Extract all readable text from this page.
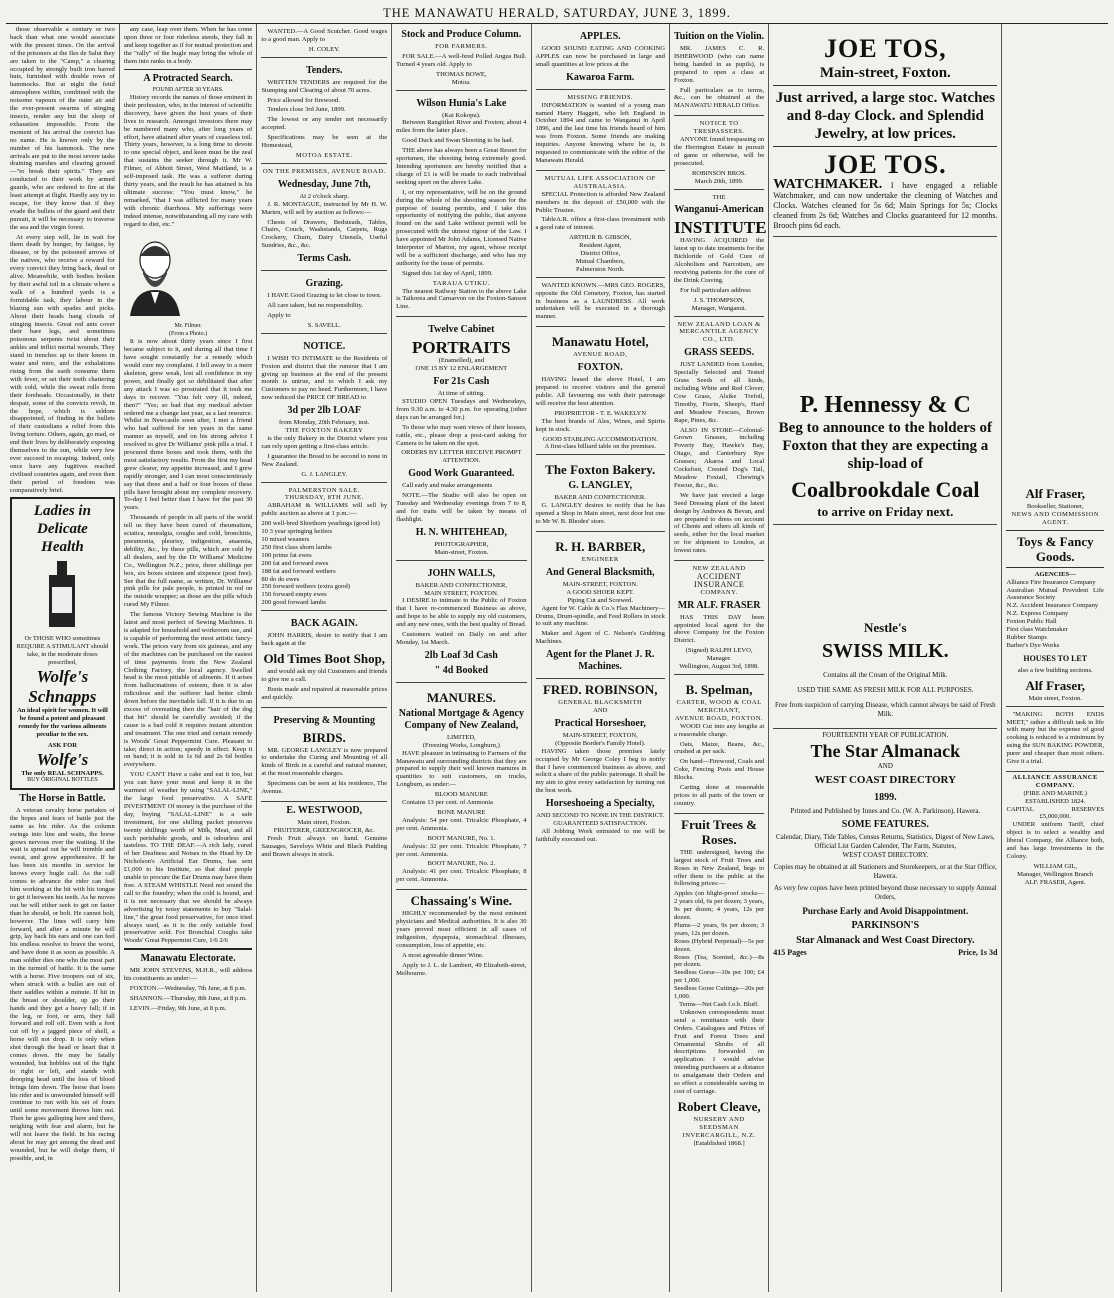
THE MANAWATU HERALD, SATURDAY, JUNE 3, 1899.

those observable a century or two back than what one would associate with the present times. On the arrival of the prisoners at the Iles de Salut they are taken to the "Camp," a clearing occupied by strongly built iron barred huts, furnished with double rows of hammocks. But at night the fetid atmosphere within, combined with the noisome vapours of the outer air and the ever-present swarms of stinging insects, render any but the sleep of exhaustion impossible. From the moment of his arrival the convict has no name. He is known only by the number of his hammock. The new arrivals are put to the most severe tasks draining marshes and clearing ground—"to break their spirits." They are conducted to their work by armed guards, who are ordered to fire at the least attempt at flight. Hardly any try to escape, for they know that if they evade the bullets of the guard and their pursuit, it will be necessary to traverse the sea and the virgin forest.

At every step will, lie in wait for them death by hunger, by fatigue, by disease, or by the poisoned arrows of the natives, who receive a reward for every convict they bring back, dead or alive. Meanwhile, with bodies broken by their awful toil in a climate where a walk of a hundred yards is a formidable task, they labour in the blazing sun with spades and picks. About their heads hang clouds of stinging insects. Great red ants cover their bare legs, and sometimes poisonous serpents twist about their ankles and inflict mortal wounds. They stand in trenches up to their knees in water and mire, and the exhalations rising from the earth consume them with fever, or set their teeth chattering with cold, while the sweat rolls from their foreheads. Occasionally, in their despair, some of the convicts revolt, in the hope, which is seldom disappointed, of finding in the bullets of their custodians a relief from this living torture. Others, again, go mad, or end their lives by deliberately exposing themselves to the sun, while very few ever succeed in escaping. Indeed, only once have any fugitives reached civilised countries again, and even then their period of freedom was comparatively brief.

Ladies in
Delicate Health
Or THOSE WHO sometimes REQUIRE A STIMULANT should take, in the moderate doses prescribed,
Wolfe's
Schnapps
An ideal spirit for women. It will be found a potent and pleasant remedy for the various ailments peculiar to the sex.
ASK FOR
Wolfe's
The only REAL SCHNAPPS.
BUY ORIGINAL BOTTLES
The Horse in Battle.

A veteran cavalry horse partakes of the hopes and fears of battle just the same as his rider. As the column swings into line and waits, the horse grows nervous over the waiting. If the wait is spread out he will tremble and sweat, and grow apprehensive. If he has been six months in service he knows every bugle call. As the call comes to advance the rider can feel him working at the bit with his tongue to get it between his teeth. As he moves out he will either seek to get on faster than he should, or bolt. He cannot bolt, however. The lines will carry him forward, and after a minute he will grip, lay back his ears and one can feel his endless resolve to brave the worst, and have done it as soon as possible. A man soldier dies one who the most part in the turmoil of battle. It is the same with a horse. Five troopers out of six, when struck with a bullet are out of their saddles within a minute. If hit in the breast or shoulder, up go their hands and they get a heavy fall; if in the leg, or foot, or arm, they fall forward and roll off. Even with a foot cut off by a jagged piece of shell, a horse will not drop. It is only when shot through the head or heart that it comes down. He may be fatally wounded, but hobbles out of the fight to right or left, and stands with drooping head until the loss of blood brings him down. The horse that loses his rider and is unwounded himself will continue to run with his set of fours until some movement throws him out. Then he goes galloping here and there, neighing with fear and alarm, but he will not leave the field. In his racing about he may get among the dead and wounded, but he will dodge them, if possible, and, in

any case, leap over them. When he has come upon three or four riderless steeds, they fall in and keep together as if for mutual protection and the "rally" of the bugle may bring the whole of them into ranks in a body.

A Protracted Search.
FOUND AFTER 30 YEARS.

History records the names of those eminent in their profession, who, in the interest of scientific discovery, have given the best years of their lives to research. Amongst investors there may be numbered many who, after long years of effort, have attained after years of ceaseless toil. Thirty years, however, is a long time to devote to one special object, and keen must be the zeal that sustains the seeker through it. Mr W. Filmer, of Abbott Street, West Maitland, is a self-imposed task. He was a sufferer during thirty years, and the result he has attained is his ultimate success: "You must know," he remarked, "that I was afflicted for many years with chronic diarrhoea. My sufferings were indeed intense, notwithstanding all my care with regard to diet, etc."

Mr. Filmer.
(From a Photo.)

It is now about thirty years since I first became subject to it, and during all that time I have sought constantly for a remedy which would cure my complaint. I fell away to a mere skeleton, grew weak, lost all confidence in my power, and finally got so debilitated that after any attack I was so prostrated that it took me days to recover. "You felt very ill, indeed, then?" "Yes; so bad that my medical adviser ordered me a change last year, as a last resource. Whilst in Newcastle soon after, I met a friend who had suffered for ten years in the same manner as myself, and on his strong advice I resolved to give Dr Williams' pink pills a trial. I procured three boxes and took them, with the most satisfactory results. From the first my head grew clearer, my appetite increased, and I grew rapidly stronger, and I can most conscientiously say that three and a half or four boxes of these pills have brought about my complete recovery. To-day I feel better than I have for the past 30 years.

Thousands of people in all parts of the world tell us they have been cured of rheumatism, sciatica, neuralgia, coughs and cold, bronchitis, pneumonia, pleurisy, indigestion, anaemia, debility, &c., by these pills, which are sold by all dealers, and by the Dr Williams' Medicine Co., Wellington N.Z.; price, three shillings per box, six boxes sixteen and sixpence (post free). See that the full name, as written, Dr. Williams' pink pills for pale people, is printed in red on the outside wrapper; as those are the pills which cured My Filmer.

The famous Victory Sewing Machine is the latest and most perfect of Sewing Machines. It is adapted for household and workroom use, and is capable of performing the most artistic fancy-work. The prices vary from six guineas, and any of the machines can be purchased on the easiest of time payments from the New Zealand Clothing Factory, the local agency. Swelled head is the most pitiable of ailments. If it arises from hallucinations of esteem, then it is also ridiculous and the sufferer had better climb down before the inevitable fall. If it is due to an excess of overeating then the "hair of the dog that bit" should be carefully avoided; if the cause is a bad cold it requires instant attention and treatment. The one tried and certain remedy is Woods' Great Peppermint Cure. Pleasant to take; direct in action; speedy in effect. Keep it on hand; it is sold in 1s 6d and 2s 6d bottles everywhere.

YOU CAN'T Have a cake and eat it too, but you can have your meat and keep it in the warmest of weather by using "SALAL-LINE," the large food preservative. A SAFE INVESTMENT Of money is the purchase of the day, buying "SALAL-LINE" is a safe investment, for one shilling packet preserves twenty shillings worth of Milk, Meat, and all such perishable goods, and is odourless and tasteless. TO THE DEAF.—A rich lady, cured of her Deafness and Noises in the Head by Dr Nicholson's Artificial Ear Drums, has sent £1,000 to his Institute, so that deaf people unable to procure the Ear Drums may have them free. A STEAM WHISTLE Need not sound the call to the foundry; when the cold is bound, and it is not necessary that we should be always advertising by noisy statements to buy "Salal-line," the great food preservative, for once tried always used, as it is the only suitable food preservative sold. For Bronchial Coughs take Woods' Great Peppermint Cure, 1/6 2/6

Manawatu Electorate.

MR JOHN STEVENS, M.H.R., will address his constituents as under:—

FOXTON.—Wednesday, 7th June, at 8 p.m.

SHANNON.—Thursday, 8th June, at 8 p.m.

LEVIN.—Friday, 9th June, at 8 p.m.

WANTED.—A Good Scutcher. Good wages to a good man. Apply to

H. COLEY.
Tenders.

WRITTEN TENDERS are required for the Stumping and Clearing of about 70 acres.

Price allowed for firewood.

Tenders close 3rd June, 1899.

The lowest or any tender not necessarily accepted.

Specifications may be seen at the Homestead,

MOTOA ESTATE.
ON THE PREMISES, AVENUE ROAD.
Wednesday, June 7th,
At 2 o'clock sharp.

J. R. MONTAGUE, instructed by Mr H. W. Marten, will sell by auction as follows:—

Chests of Drawers, Bedsteads, Tables, Chairs, Couch, Washstands, Carpets, Rugs Crockery, Churn, Dairy Utensils, Useful Sundries, &c., &c.

Terms Cash.
Grazing.

I HAVE Good Grazing to let close to town.

All care taken, but no responsibility.

Apply to

S. SAVELL.
NOTICE.

I WISH TO INTIMATE to the Residents of Foxton and district that the rumour that I am giving up business at the end of the present month is untrue, and to which I ask my Customers to pay no heed. Furthermore, I have now reduced the PRICE OF BREAD to

3d per 2lb LOAF
from Monday, 20th February, inst.
THE FOXTON BAKERY

is the only Bakery in the District where you can rely upon getting a first-class article.

I guarantee the Bread to be second to none in New Zealand.

G. J. LANGLEY.
PALMERSTON SALE.
THURSDAY, 8TH JUNE.

ABRAHAM & WILLIAMS will sell by public auction as above at 1 p.m.:—

200 well-bred Shorthorn yearlings (good lot)
10 3 year springing heifers
10 mixed weaners
250 first class shorn lambs
100 prime fat ewes
200 fat and forward ewes
188 fat and forward wethers
80 do do ewes
250 forward wethers (extra good)
150 forward empty ewes
200 good forward lambs
BACK AGAIN.

JOHN HARRIS, desire to notify that I am back again at the

Old Times Boot Shop,

and would ask my old Customers and friends to give me a call.

Boots made and repaired at reasonable prices and quickly.

Preserving & Mounting
BIRDS.

MR. GEORGE LANGLEY is now prepared to undertake the Curing and Mounting of all kinds of Birds in a careful and natural manner, at the most reasonable charges.

Specimens can be seen at his residence, The Avenue.

E. WESTWOOD,
Main street, Foxton.
FRUITERER, GREENGROCER, &c.

Fresh Fruit always on hand. Genuine Sausages, Saveloys White and Black Pudding and Brawn always in stock.

Stock and Produce Column.
FOR FARMERS.

FOR SALE.—A well-bred Polled Angus Bull. Turned 4 years old. Apply to

THOMAS BOWE,
Motoa.
Wilson Hunia's Lake
(Kai Kokopu).

Between Rangitikei River and Foxton; about 4 miles from the latter place.

Good Duck and Swan Shooting to be had.

THE above has always been a Great Resort for sportsmen, the shooting being extremely good. Intending sportsmen are hereby notified that a charge of £1 is will be made to each individual seeking sport on the above Lake.

I, or my representative, will be on the ground during the whole of the shooting season for the purpose of issuing permits, and I take this opportunity of notifying the public, that anyone found on the said Lake without permit will be prosecuted with the utmost rigour of the Law. I have appointed Mr John Adams, Licensed Native Interpreter of Marton, my agent, whose receipt will be a sufficient discharge, and who has my authority for the issue of permits.

Signed this 1st day of April, 1899.

TARAUA UTIKU.

The nearest Railway Station to the above Lake is Taikorea and Carnarvon on the Foxton-Sanson Line.

Twelve Cabinet
PORTRAITS
(Enamelled), and
ONE 15 BY 12 ENLARGEMENT
For 21s Cash
At time of sitting.

STUDIO OPEN Tuesdays and Wednesdays, from 9.30 a.m. to 4.30 p.m. for operating (other days can be arranged for.)

To those who may want views of their houses, cattle, etc., please drop a post-card asking for Camera to be taken on the spot.

ORDERS BY LETTER RECEIVE PROMPT ATTENTION.
Good Work Guaranteed.

Call early and make arrangements

NOTE.—The Studio will also be open on Tuesday and Wednesday evenings from 7 to 8, and for traits will be taken by means of flashlight.

H. N. WHITEHEAD,
PHOTOGRAPHER,
Main-street, Foxton.
JOHN WALLS,
BAKER AND CONFECTIONER,
MAIN STREET, FOXTON.

I DESIRE to intimate to the Public of Foxton that I have re-commenced Business as above, and hope to be able to supply my old customers, and any new ones, with the best quality of Bread.

Customers waited on Daily on and after Monday, 1st March.

2lb Loaf 3d Cash
" 4d Booked
MANURES.
National Mortgage & Agency Company of New Zealand,
LIMITED,
(Freezing Works, Longburn,)

HAVE pleasure in intimating to Farmers of the Manawatu and surrounding districts that they are prepared to supply their well known manures in quantities to suit customers, on trucks, Longburn, as under:—

BLOOD MANURE

Contains 13 per cent. of Ammonia

BONE MANURE

Analysis: 54 per cent. Tricalcic Phosphate, 4 per cent. Ammonia.

BOOT MANURE, No. 1.

Analysis: 32 per cent. Tricalcic Phosphate, 7 per cent. Ammonia.

BOOT MANURE, No. 2.

Analysis: 41 per cent. Tricalcic Phosphate, 8 per cent. Ammonia.

Chassaing's Wine.

HIGHLY recommended by the most eminent physicians and Medical authorities. It is also 30 years proved most efficient in all cases of indigestion, dyspepsia, stomachical illnesses, consumption, loss of appetite, etc.

A most agreeable dinner Wine.

Apply to J. L. de Lambert, 49 Elizabeth-street, Melbourne.

APPLES.

GOOD SOUND EATING AND COOKING APPLES can now be purchased in large and small quantities at low prices at the

Kawaroa Farm.
MISSING FRIENDS.

INFORMATION is wanted of a young man named Harry Haggett, who left England in October 1894 and came to Wanganui in April 1896, and the last time his friends heard of him was from Foxton. Some friends are making inquiries. Anyone knowing where he is, is requested to communicate with the editor of the Manawatu Herald.

MUTUAL LIFE ASSOCIATION OF AUSTRALASIA.

SPECIAL Protection is afforded New Zealand members in the deposit of £50,000 with the Public Trustee.

TableA.R. offers a first-class investment with a good rate of interest.

ARTHUR B. GIBSON,
Resident Agent,
District Office,
Mutual Chambers,
Palmerston North.

WANTED KNOWN.—MRS GEO. ROGERS, opposite the Old Cemetery, Foxton, has started in business as a LAUNDRESS. All work undertaken will be executed in a thorough manner.

Manawatu Hotel,
AVENUE ROAD,
FOXTON.

HAVING leased the above Hotel, I am prepared to receive visitors and the general public. All favouring me with their patronage will receive the best attention.

PROPRIETOR - T. E. WAKELYN

The best brands of Ales, Wines, and Spirits kept in stock.

GOOD STABLING ACCOMMODATION.
A first-class billiard table on the premises.
The Foxton Bakery.
G. LANGLEY,
BAKER AND CONFECTIONER.

G. LANGLEY desires to notify that he has opened a Shop in Main street, next door but one to Mr W. B. Rhodes' store.

R. H. BARBER,
ENGINEER
And General Blacksmith,
MAIN-STREET, FOXTON.
A GOOD SHOER KEPT.
Piping Cut and Screwed.

Agent for W. Cable & Co.'s Flax Machinery—Drums, Drum-spindle, and Feed Rollers in stock to suit any machine.

Maker and Agent of C. Nelson's Grubbing Machines.

Agent for the Planet J. R. Machines.
FRED. ROBINSON,
GENERAL BLACKSMITH
AND
Practical Horseshoer,
MAIN-STREET, FOXTON,
(Opposite Border's Family Hotel).

HAVING taken those premises lately occupied by Mr George Coley I beg to notify that I have commenced business as above, and solicit a share of the public patronage. It shall be my aim to give every satisfaction by turning out the best work.

Horseshoeing a Specialty,
AND SECOND TO NONE IN THE DISTRICT.
GUARANTEED SATISFACTION.

All Jobbing Work entrusted to me will be faithfully executed out.

Tuition on the Violin.

MR. JAMES C. R. ISHERWOOD (who can name being handed in as pupils), is prepared to open a class at Foxton.

Full particulars as to terms, &c., can be obtained at the MANAWATU HERALD Office.

NOTICE TO TRESPASSERS.

ANYONE found trespassing on the Herrington Estate in pursuit of game or otherwise, will be prosecuted.

ROBINSON BROS.
March 20th, 1899.
THE
Wanganui-American
INSTITUTE

HAVING ACQUIRED the latest up to date treatments for the Bichloride of Gold Cure of Alcoholism and Narcotism, are receiving patients for the cure of the Drink Craving.

For full particulars address

J. S. THOMPSON,
Manager, Wanganui.
NEW ZEALAND LOAN & MERCANTILE AGENCY CO., LTD.
GRASS SEEDS.

JUST LANDED from London, Specially Selected and Tested Grass Seeds of all kinds, including White and Red Clover, Cow Grass, Alsike Trefoil, Timothy, Fiorin, Sheep's, Hard and Meadow Fescues, Brown Rape, Pines, &c.

ALSO IN STORE—Colonial-Grown Grasses, including Poverty Bay, Hawke's Bay, Otago, and Canterbury Rye Grasses; Akaroa and Local Cocksfoot, Crested Dog's Tail, Meadow Foxtail, Chewing's Fescue, &c., &c.

We have just erected a large Seed Dressing plant of the latest design by Andrews & Bevan, and are prepared to dress on account of Clients and others all kinds of seeds, either for the local market or for shipment to London, at lowest rates.

NEW ZEALAND
ACCIDENT INSURANCE
COMPANY.
MR ALF. FRASER

HAS THIS DAY been appointed local agent for the above Company for the Foxton District.

(Signed) RALPH LEVO,
Manager.
Wellington, August 3rd, 1898.
B. Spelman,
CARTER, WOOD & COAL MERCHANT,
AVENUE ROAD, FOXTON.

WOOD Cut into any lengths at a reasonable charge.

Oats, Maize, Beans, &c., crushed at per sack.

On hand—Firewood, Coals and Coke, Fencing Posts and House Blocks.

Carting done at reasonable prices to all parts of the town or country.

Fruit Trees & Roses.

THE undersigned, having the largest stock of Fruit Trees and Roses in New Zealand, begs to offer them to the public at the following prices:—

Apples (on blight-proof stocks—2 years old, 6s per dozen; 3 years, 9s per dozen; 4 years, 12s per dozen.
Plums—2 years, 9s per dozen; 3 years, 12s per dozen.
Roses (Hybrid Perpetual)—5s per dozen.
Roses (Tea, Scented, &c.)—8s per dozen.
Seedless Gorse—10s per 100; £4 per 1,000.
Seedless Gorse Cuttings—20s per 1,000.
Terms—Net Cash f.o.b. Bluff.

Unknown correspondents must send a remittance with their Orders. Catalogues and Prices of Fruit and Forest Trees and Ornamental Shrubs of all descriptions forwarded on application. I would advise intending purchasers at a distance to amalgamate their Orders and so effect a considerable saving in cost of carriage.

Robert Cleave,
NURSERY AND SEEDSMAN
INVERCARGILL, N.Z.
[Established 1868.]
JOE TOS,
Main-street, Foxton.
Just arrived, a large stoc. Watches and 8-day Clock. and Splendid Jewelry, at low prices.
JOE TOS.

WATCHMAKER. I have engaged a reliable Watchmaker, and can now undertake the cleaning of Watches and Clocks. Watches cleaned for 5s 6d; Main Springs for 5s; Clocks cleaned from 2s 6d; Watches and Clocks guaranteed for 12 months. Brooch pins 6d each.

P. Hennessy & C
Beg to announce to the holders of Foxton that they are expecting a ship-load of
Coalbrookdale Coal
to arrive on Friday next.
Nestle's
SWISS MILK.
Contains all the Cream of the Original Milk.
USED THE SAME AS FRESH MILK FOR ALL PURPOSES.
Free from suspicion of carrying Disease, which cannot always be said of Fresh Milk.
FOURTEENTH YEAR OF PUBLICATION.
The Star Almanack
AND
WEST COAST DIRECTORY
1899.
Printed and Published by Innes and Co. (W. A. Parkinson), Hawera.
SOME FEATURES.
Calendar, Diary, Tide Tables, Census Returns, Statistics, Digest of New Laws, Official List Garden Calender, The Farm, Statutes,
WEST COAST DIRECTORY.
Copies may be obtained at all Stationers and Storekeepers, or at the Star Office, Hawera.
As very few copies have been printed beyond those necessary to supply Annual Orders,
Purchase Early and Avoid Disappointment.
PARKINSON'S
Star Almanack and West Coast Directory.
415 Pages	Price, 1s 3d
Alf Fraser,
Bookseller, Stationer,
NEWS AND COMMISSION AGENT.
Toys & Fancy Goods.
AGENCIES—
Alliance Fire Insurance Company
Australian Mutual Provident Life Assurance Society
N.Z. Accident Insurance Company
N.Z. Express Company
Foxton Public Hall
First class Watchmaker
Rubber Stamps
Barber's Dye Works
HOUSES TO LET
also a few building sections.
Alf Fraser,
Main street, Foxton.

"MAKING BOTH ENDS MEET," rather a difficult task in life with many but the expense of good cooking is reduced to a minimum by using the SUN BAKING POWDER, purer and cheaper than most others. Give it a trial.

ALLIANCE ASSURANCE COMPANY.
(FIRE AND MARINE.)
ESTABLISHED 1824.
CAPITAL	RESERVES
£5,000,000.

UNDER uniform Tariff, chief object is to select a wealthy and liberal Company, the Alliance both, and has large Investments in the Colony.

WILLIAM GIL,
Manager, Wellington Branch
ALF. FRASER, Agent.
